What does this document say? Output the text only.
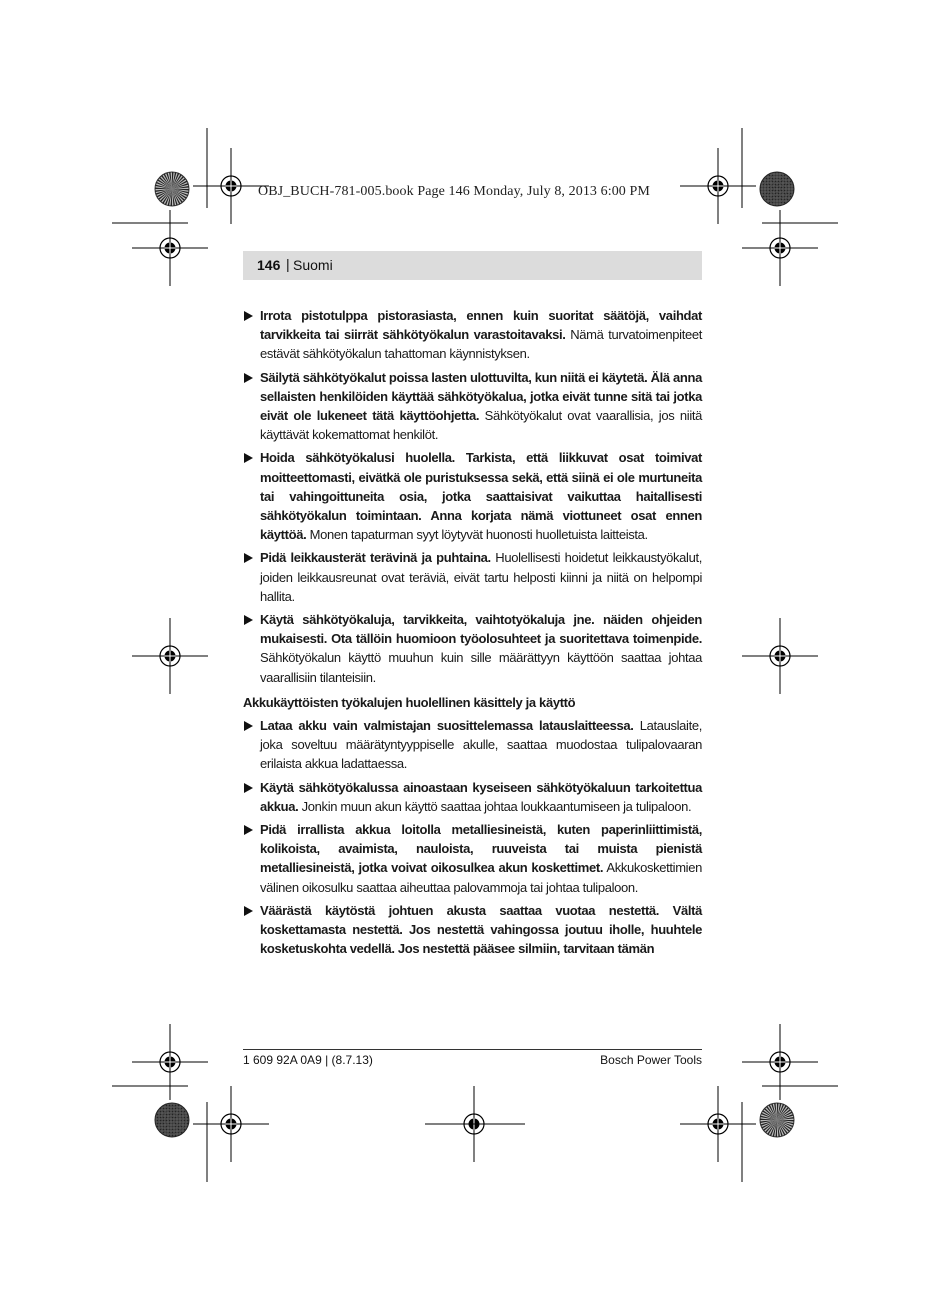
OBJ_BUCH-781-005.book Page 146 Monday, July 8, 2013 6:00 PM
146 | Suomi
Irrota pistotulppa pistorasiasta, ennen kuin suoritat säätöjä, vaihdat tarvikkeita tai siirrät sähkötyökalun varastoitavaksi. Nämä turvatoimenpiteet estävät sähkötyökalun tahattoman käynnistyksen.
Säilytä sähkötyökalut poissa lasten ulottuvilta, kun niitä ei käytetä. Älä anna sellaisten henkilöiden käyttää sähkötyökalua, jotka eivät tunne sitä tai jotka eivät ole lukeneet tätä käyttöohjetta. Sähkötyökalut ovat vaarallisia, jos niitä käyttävät kokemattomat henkilöt.
Hoida sähkötyökalusi huolella. Tarkista, että liikkuvat osat toimivat moitteettomasti, eivätkä ole puristuksessa sekä, että siinä ei ole murtuneita tai vahingoittuneita osia, jotka saattaisivat vaikuttaa haitallisesti sähkötyökalun toimintaan. Anna korjata nämä viottuneet osat ennen käyttöä. Monen tapaturman syyt löytyvät huonosti huolletuista laitteista.
Pidä leikkausterät terävinä ja puhtaina. Huolellisesti hoidetut leikkaustyökalut, joiden leikkausreunat ovat teräviä, eivät tartu helposti kiinni ja niitä on helpompi hallita.
Käytä sähkötyökaluja, tarvikkeita, vaihtotyökaluja jne. näiden ohjeiden mukaisesti. Ota tällöin huomioon työolosuhteet ja suoritettava toimenpide. Sähkötyökalun käyttö muuhun kuin sille määrättyyn käyttöön saattaa johtaa vaarallisiin tilanteisiin.
Akkukäyttöisten työkalujen huolellinen käsittely ja käyttö
Lataa akku vain valmistajan suosittelemassa latauslaitteessa. Latauslaite, joka soveltuu määrätyntyyppiselle akulle, saattaa muodostaa tulipalovaaran erilaista akkua ladattaessa.
Käytä sähkötyökalussa ainoastaan kyseiseen sähkötyökaluun tarkoitettua akkua. Jonkin muun akun käyttö saattaa johtaa loukkaantumiseen ja tulipaloon.
Pidä irrallista akkua loitolla metalliesineistä, kuten paperinliittimistä, kolikoista, avaimista, nauloista, ruuveista tai muista pienistä metalliesineistä, jotka voivat oikosulkea akun koskettimet. Akkukoskettimien välinen oikosulku saattaa aiheuttaa palovammoja tai johtaa tulipaloon.
Väärästä käytöstä johtuen akusta saattaa vuotaa nestettä. Vältä koskettamasta nestettä. Jos nestettä vahingossa joutuu iholle, huuhtele kosketuskohta vedellä. Jos nestettä pääsee silmiin, tarvitaan tämän
1 609 92A 0A9 | (8.7.13)	Bosch Power Tools
